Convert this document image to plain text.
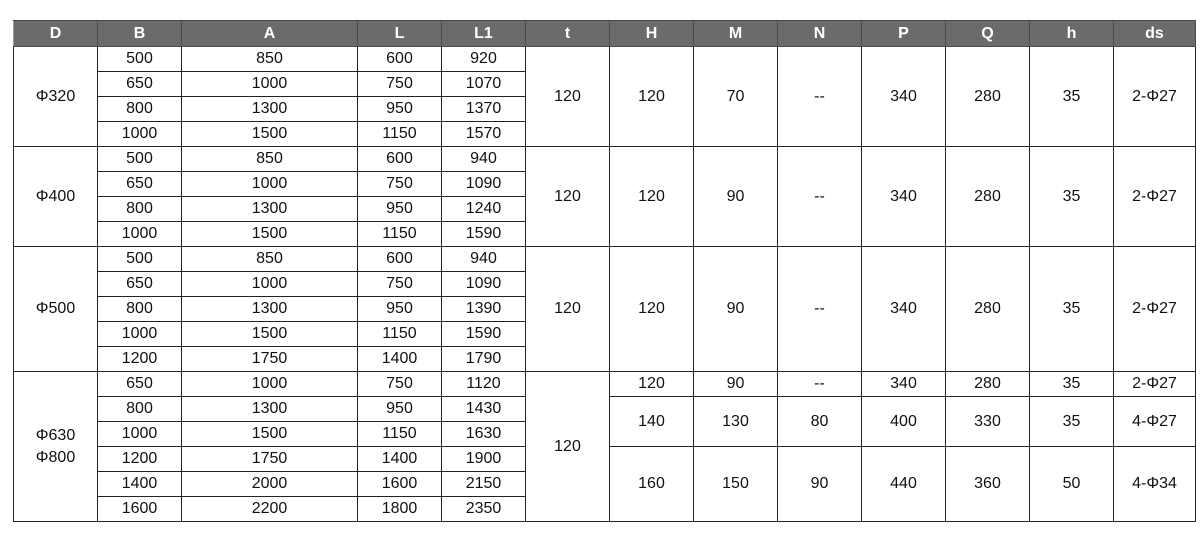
D	B	A	L	L1	t	H	M	N	P	Q	h	ds

Φ320	500	850	600	920	120	120	70	--	340	280	35	2-Φ27
	650	1000	750	1070								
	800	1300	950	1370								
	1000	1500	1150	1570								

Φ400	500	850	600	940	120	120	90	--	340	280	35	2-Φ27
	650	1000	750	1090								
	800	1300	950	1240								
	1000	1500	1150	1590								

Φ500	500	850	600	940	120	120	90	--	340	280	35	2-Φ27
	650	1000	750	1090								
	800	1300	950	1390								
	1000	1500	1150	1590								
	1200	1750	1400	1790								

Φ630
Φ800	650	1000	750	1120	120	120	90	--	340	280	35	2-Φ27
	800	1300	950	1430		140	130	80	400	330	35	4-Φ27
	1000	1500	1150	1630								
	1200	1750	1400	1900		160	150	90	440	360	50	4-Φ34
	1400	2000	1600	2150								
	1600	2200	1800	2350								
